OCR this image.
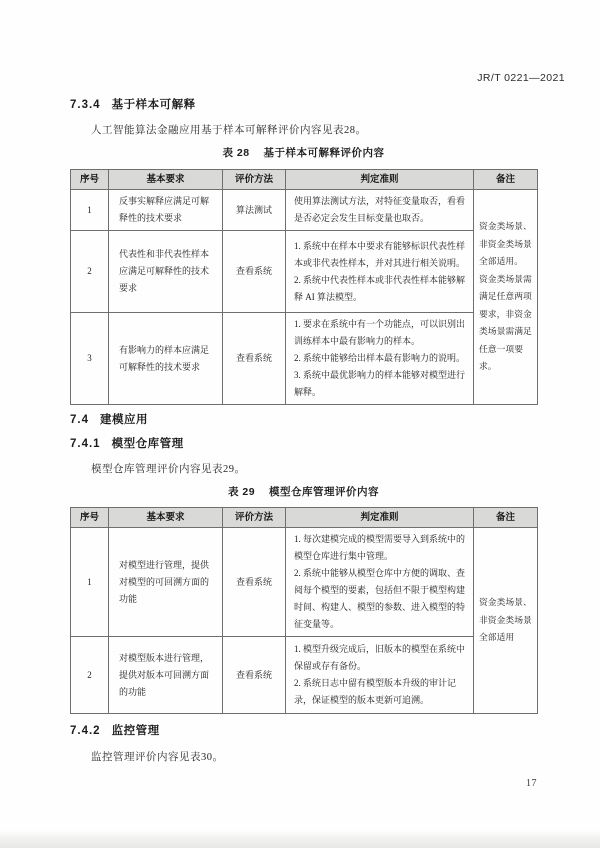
JR/T 0221—2021
7.3.4 基于样本可解释
人工智能算法金融应用基于样本可解释评价内容见表28。
表 28 基于样本可解释评价内容
序号	基本要求	评价方法	判定准则	备注
1	反事实解释应满足可解释性的技术要求	算法测试	使用算法测试方法，对特征变量取否，看看是否必定会发生目标变量也取否。	资金类场景、非资金类场景全部适用。
资金类场景需满足任意两项要求，非资金类场景需满足任意一项要求。

2	代表性和非代表性样本应满足可解释性的技术要求	查看系统	1. 系统中在样本中要求有能够标识代表性样本或非代表性样本，并对其进行相关说明。
2. 系统中代表性样本或非代表性样本能够解释 AI 算法模型。	

3	有影响力的样本应满足可解释性的技术要求	查看系统	1. 要求在系统中有一个功能点，可以识别出训练样本中最有影响力的样本。
2. 系统中能够给出样本最有影响力的说明。
3. 系统中最优影响力的样本能够对模型进行解释。	
7.4 建模应用
7.4.1 模型仓库管理
模型仓库管理评价内容见表29。
表 29 模型仓库管理评价内容
序号	基本要求	评价方法	判定准则	备注
1	对模型进行管理，提供对模型的可回溯方面的功能	查看系统	1. 每次建模完成的模型需要导入到系统中的模型仓库进行集中管理。
2. 系统中能够从模型仓库中方便的调取、查阅每个模型的要素，包括但不限于模型构建时间、构建人、模型的参数、进入模型的特征变量等。	资金类场景、非资金类场景全部适用

2	对模型版本进行管理，提供对版本可回溯方面的功能	查看系统	1. 模型升级完成后，旧版本的模型在系统中保留或存有备份。
2. 系统日志中留有模型版本升级的审计记录，保证模型的版本更新可追溯。	
7.4.2 监控管理
监控管理评价内容见表30。
17
